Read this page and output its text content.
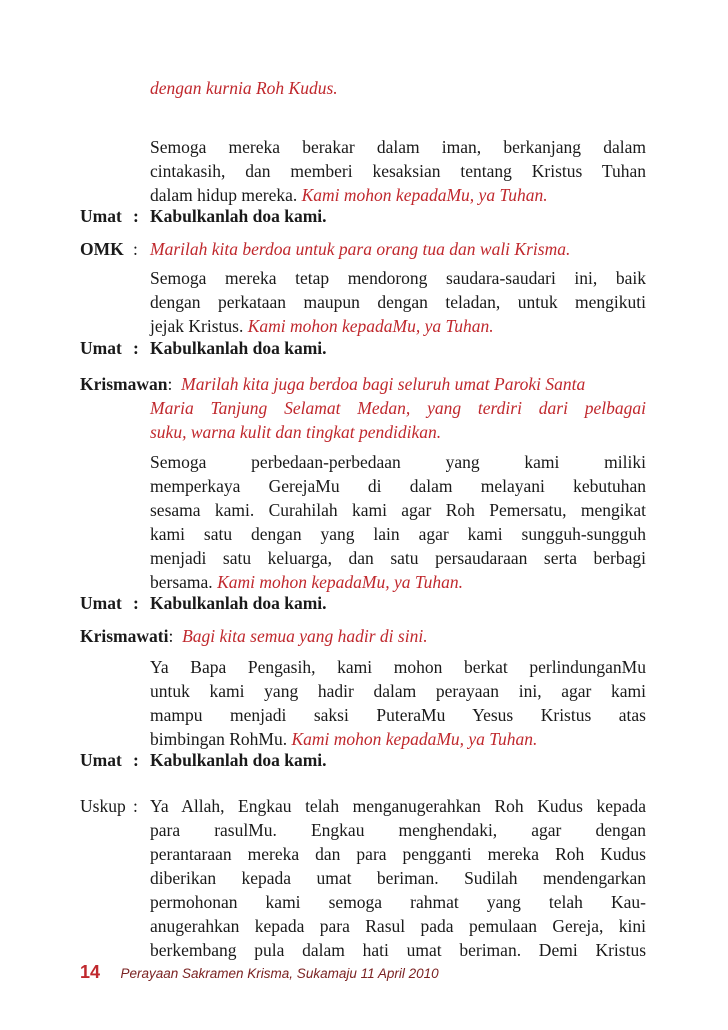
dengan kurnia Roh Kudus.
Semoga mereka berakar dalam iman, berkanjang dalam
cintakasih, dan memberi kesaksian tentang Kristus Tuhan
dalam hidup mereka. Kami mohon kepadaMu, ya Tuhan.
Umat : Kabulkanlah doa kami.
OMK : Marilah kita berdoa untuk para orang tua dan wali Krisma.
Semoga mereka tetap mendorong saudara-saudari ini, baik
dengan perkataan maupun dengan teladan, untuk mengikuti
jejak Kristus. Kami mohon kepadaMu, ya Tuhan.
Umat : Kabulkanlah doa kami.
Krismawan: Marilah kita juga berdoa bagi seluruh umat Paroki Santa
Maria Tanjung Selamat Medan, yang terdiri dari pelbagai
suku, warna kulit dan tingkat pendidikan.
Semoga perbedaan-perbedaan yang kami miliki
memperkaya GerejaMu di dalam melayani kebutuhan
sesama kami. Curahilah kami agar Roh Pemersatu, mengikat
kami satu dengan yang lain agar kami sungguh-sungguh
menjadi satu keluarga, dan satu persaudaraan serta berbagi
bersama. Kami mohon kepadaMu, ya Tuhan.
Umat : Kabulkanlah doa kami.
Krismawati: Bagi kita semua yang hadir di sini.
Ya Bapa Pengasih, kami mohon berkat perlindunganMu
untuk kami yang hadir dalam perayaan ini, agar kami
mampu menjadi saksi PuteraMu Yesus Kristus atas
bimbingan RohMu. Kami mohon kepadaMu, ya Tuhan.
Umat : Kabulkanlah doa kami.
Uskup : Ya Allah, Engkau telah menganugerahkan Roh Kudus kepada
para rasulMu. Engkau menghendaki, agar dengan
perantaraan mereka dan para pengganti mereka Roh Kudus
diberikan kepada umat beriman. Sudilah mendengarkan
permohonan kami semoga rahmat yang telah Kau-
anugerahkan kepada para Rasul pada pemulaan Gereja, kini
berkembang pula dalam hati umat beriman. Demi Kristus
14 Perayaan Sakramen Krisma, Sukamaju 11 April 2010
